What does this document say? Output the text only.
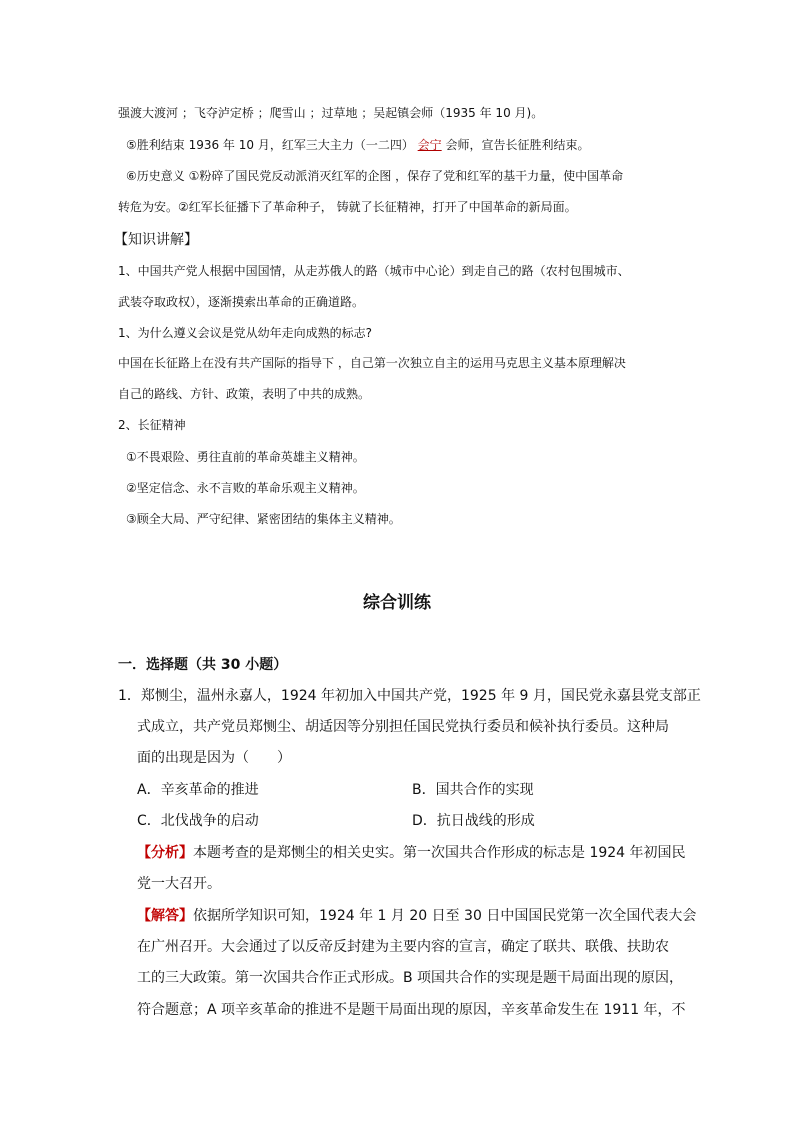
强渡大渡河 ；飞夺泸定桥 ；爬雪山 ；过草地 ；吴起镇会师（1935 年 10 月)。
⑤胜利结束 1936 年 10 月，红军三大主力（一二四） 会宁 会师，宣告长征胜利结束。
⑥历史意义 ①粉碎了国民党反动派消灭红军的企图 ，保存了党和红军的基干力量，使中国革命
转危为安。②红军长征播下了革命种子， 铸就了长征精神，打开了中国革命的新局面。
【知识讲解】
1、中国共产党人根据中国国情，从走苏俄人的路（城市中心论）到走自己的路（农村包围城市、
武装夺取政权），逐渐摸索出革命的正确道路。
1、为什么遵义会议是党从幼年走向成熟的标志?
中国在长征路上在没有共产国际的指导下 ，自己第一次独立自主的运用马克思主义基本原理解决
自己的路线、方针、政策，表明了中共的成熟。
2、长征精神
①不畏艰险、勇往直前的革命英雄主义精神。
②坚定信念、永不言败的革命乐观主义精神。
③顾全大局、严守纪律、紧密团结的集体主义精神。
综合训练
一．选择题（共 30 小题）
1．郑恻尘，温州永嘉人，1924 年初加入中国共产党，1925 年 9 月，国民党永嘉县党支部正
式成立，共产党员郑恻尘、胡适因等分别担任国民党执行委员和候补执行委员。这种局
面的出现是因为（　　）
A．辛亥革命的推进	B．国共合作的实现
C．北伐战争的启动	D．抗日战线的形成
【分析】本题考查的是郑恻尘的相关史实。第一次国共合作形成的标志是 1924 年初国民
党一大召开。
【解答】依据所学知识可知，1924 年 1 月 20 日至 30 日中国国民党第一次全国代表大会
在广州召开。大会通过了以反帝反封建为主要内容的宣言，确定了联共、联俄、扶助农
工的三大政策。第一次国共合作正式形成。B 项国共合作的实现是题干局面出现的原因，
符合题意；A 项辛亥革命的推进不是题干局面出现的原因，辛亥革命发生在 1911 年，不
